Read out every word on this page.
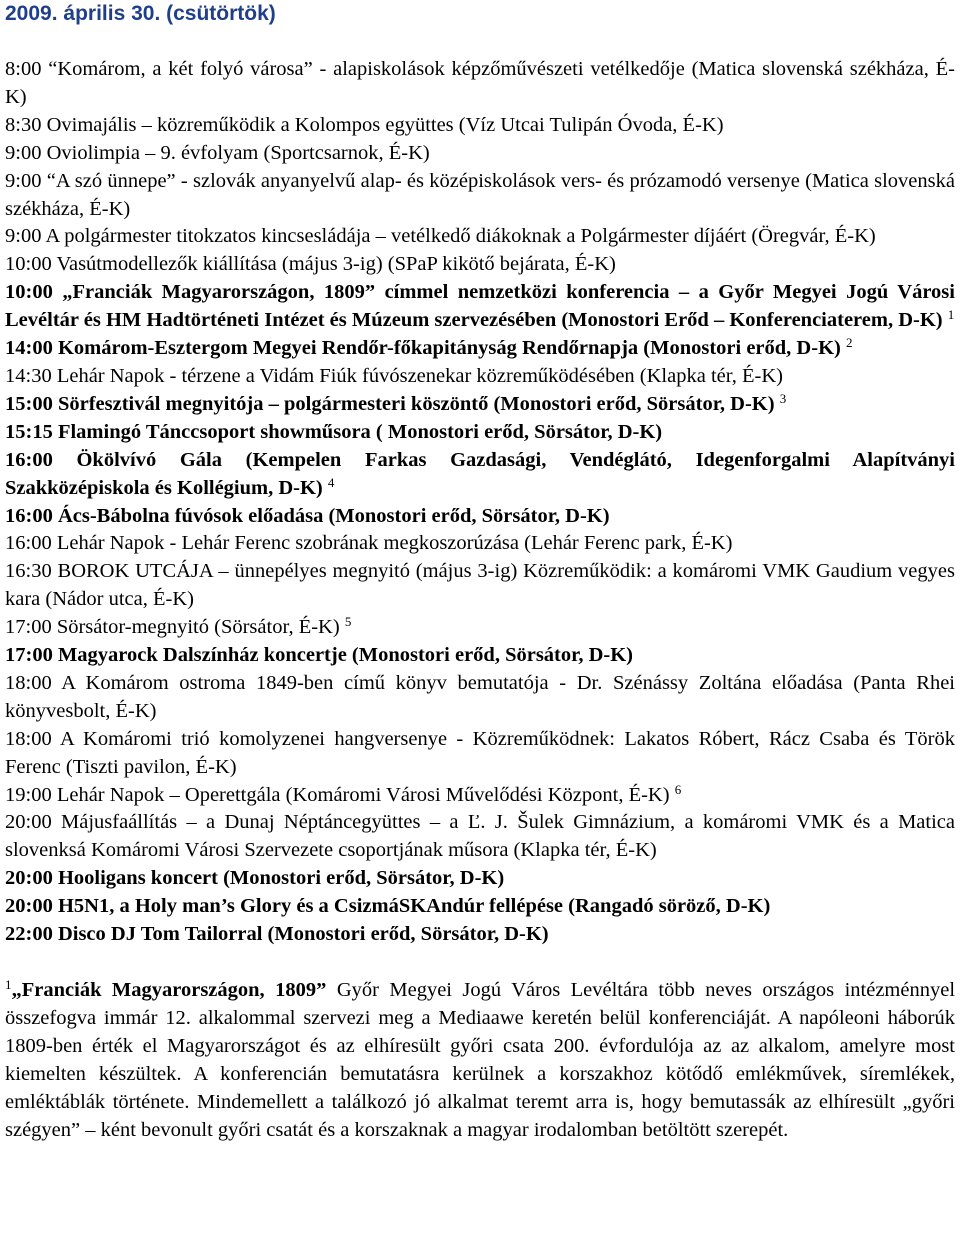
2009. április 30. (csütörtök)

8:00 “Komárom, a két folyó városa” - alapiskolások képzőművészeti vetélkedője (Matica slovenská székháza, É-K)

8:30 Ovimajális – közreműködik a Kolompos együttes (Víz Utcai Tulipán Óvoda, É-K)

9:00 Oviolimpia – 9. évfolyam (Sportcsarnok, É-K)

9:00 “A szó ünnepe” - szlovák anyanyelvű alap- és középiskolások vers- és prózamodó versenye (Matica slovenská székháza, É-K)

9:00 A polgármester titokzatos kincsesládája – vetélkedő diákoknak a Polgármester díjáért (Öregvár, É-K)

10:00 Vasútmodellezők kiállítása (május 3-ig) (SPaP kikötő bejárata, É-K)

10:00 „Franciák Magyarországon, 1809” címmel nemzetközi konferencia – a Győr Megyei Jogú Városi Levéltár és HM Hadtörténeti Intézet és Múzeum szervezésében (Monostori Erőd – Konferenciaterem, D-K) $^1$

14:00 Komárom-Esztergom Megyei Rendőr-főkapitányság Rendőrnapja (Monostori erőd, D-K) $^2$

14:30 Lehár Napok - térzene a Vidám Fiúk fúvószenekar közreműködésében (Klapka tér, É-K)

15:00 Sörfesztivál megnyitója – polgármesteri köszöntő (Monostori erőd, Sörsátor, D-K) $^3$

15:15 Flamingó Tánccsoport showműsora ( Monostori erőd, Sörsátor, D-K)

16:00 Ökölvívó Gála (Kempelen Farkas Gazdasági, Vendéglátó, Idegenforgalmi Alapítványi Szakközépiskola és Kollégium, D-K) $^4$

16:00 Ács-Bábolna fúvósok előadása (Monostori erőd, Sörsátor, D-K)

16:00 Lehár Napok - Lehár Ferenc szobrának megkoszorúzása (Lehár Ferenc park, É-K)

16:30 BOROK UTCÁJA – ünnepélyes megnyitó (május 3-ig) Közreműködik: a komáromi VMK Gaudium vegyes kara (Nádor utca, É-K)

17:00 Sörsátor-megnyitó (Sörsátor, É-K) $^5$

17:00 Magyarock Dalszínház koncertje (Monostori erőd, Sörsátor, D-K)

18:00 A Komárom ostroma 1849-ben című könyv bemutatója - Dr. Szénássy Zoltána előadása (Panta Rhei könyvesbolt, É-K)

18:00 A Komáromi trió komolyzenei hangversenye - Közreműködnek: Lakatos Róbert, Rácz Csaba és Török Ferenc (Tiszti pavilon, É-K)

19:00 Lehár Napok – Operettgála (Komáromi Városi Művelődési Központ, É-K) $^6$

20:00 Májusfaállítás – a Dunaj Néptáncegyüttes – a Ľ. J. Šulek Gimnázium, a komáromi VMK és a Matica slovenksá Komáromi Városi Szervezete csoportjának műsora (Klapka tér, É-K)

20:00 Hooligans koncert (Monostori erőd, Sörsátor, D-K)

20:00 H5N1, a Holy man’s Glory és a CsizmáSKAndúr fellépése (Rangadó söröző, D-K)

22:00 Disco DJ Tom Tailorral (Monostori erőd, Sörsátor, D-K)

$^1$„Franciák Magyarországon, 1809” Győr Megyei Jogú Város Levéltára több neves országos intézménnyel összefogva immár 12. alkalommal szervezi meg a Mediaawe keretén belül konferenciáját. A napóleoni háborúk 1809-ben érték el Magyarországot és az elhíresült győri csata 200. évfordulója az az alkalom, amelyre most kiemelten készültek. A konferencián bemutatásra kerülnek a korszakhoz kötődő emlékművek, síremlékek, emléktáblák története. Mindemellett a találkozó jó alkalmat teremt arra is, hogy bemutassák az elhíresült „győri szégyen” – ként bevonult győri csatát és a korszaknak a magyar irodalomban betöltött szerepét.
